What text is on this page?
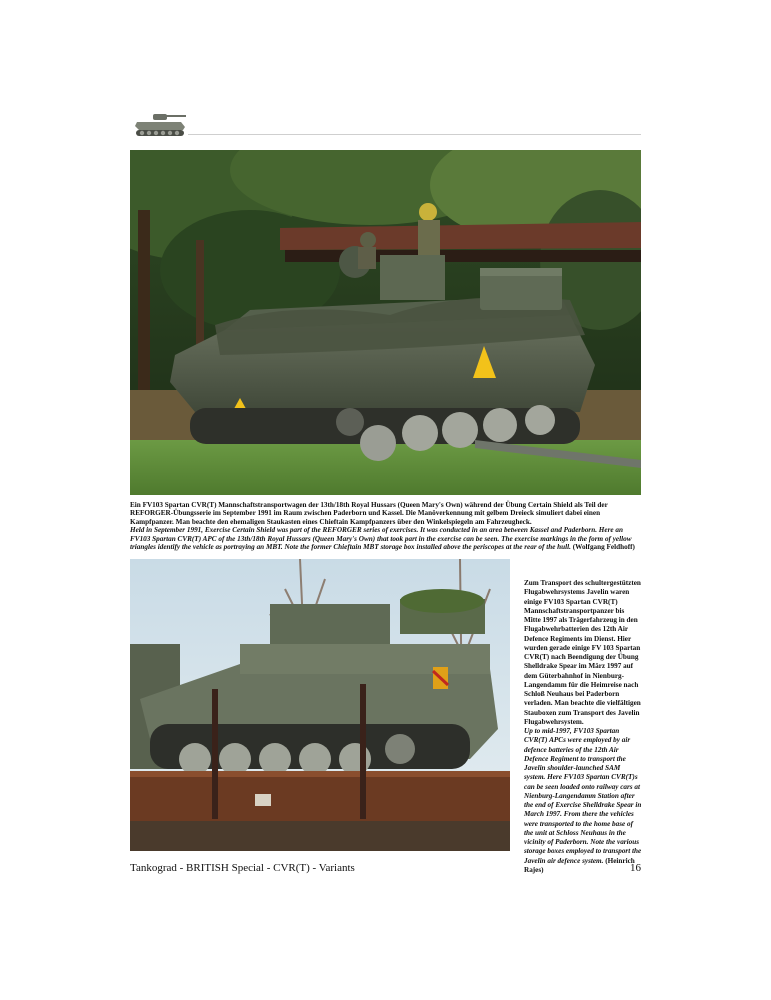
Ein FV103 Spartan CVR(T) Mannschaftstransportwagen der 13th/18th Royal Hussars (Queen Mary's Own) während der Übung Certain Shield als Teil der REFORGER-Übungsserie im September 1991 im Raum zwischen Paderborn und Kassel. Die Manöverkennung mit gelbem Dreieck simuliert dabei einen Kampfpanzer. Man beachte den ehemaligen Staukasten eines Chieftain Kampfpanzers über den Winkelspiegeln am Fahrzeugheck.
Held in September 1991, Exercise Certain Shield was part of the REFORGER series of exercises. It was conducted in an area between Kassel and Paderborn. Here an FV103 Spartan CVR(T) APC of the 13th/18th Royal Hussars (Queen Mary's Own) that took part in the exercise can be seen. The exercise markings in the form of yellow triangles identify the vehicle as portraying an MBT. Note the former Chieftain MBT storage box installed above the periscopes at the rear of the hull. (Wolfgang Feldhoff)
Zum Transport des schultergestützten Flugabwehrsystems Javelin waren einige FV103 Spartan CVR(T) Mannschaftstransportpanzer bis Mitte 1997 als Trägerfahrzeug in den Flugabwehrbatterien des 12th Air Defence Regiments im Dienst. Hier wurden gerade einige FV 103 Spartan CVR(T) nach Beendigung der Übung Shelldrake Spear im März 1997 auf dem Güterbahnhof in Nienburg-Langendamm für die Heimreise nach Schloß Neuhaus bei Paderborn verladen. Man beachte die vielfältigen Stauboxen zum Transport des Javelin Flugabwehrsystem.
Up to mid-1997, FV103 Spartan CVR(T) APCs were employed by air defence batteries of the 12th Air Defence Regiment to transport the Javelin shoulder-launched SAM system. Here FV103 Spartan CVR(T)s can be seen loaded onto railway cars at Nienburg-Langendamm Station after the end of Exercise Shelldrake Spear in March 1997. From there the vehicles were transported to the home base of the unit at Schloss Neuhaus in the vicinity of Paderborn. Note the various storage boxes employed to transport the Javelin air defence system. (Heinrich Rajes)
Tankograd - BRITISH Special - CVR(T) - Variants	16
